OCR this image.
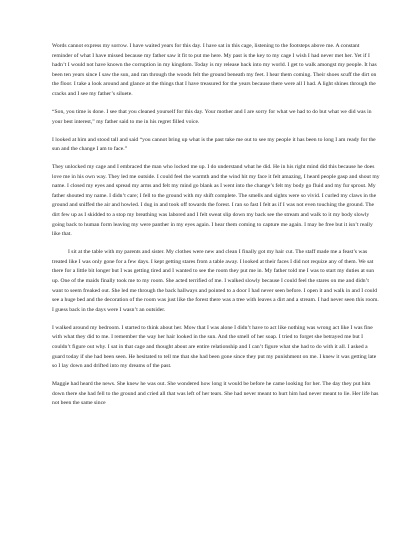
Words cannot express my sorrow. I have waited years for this day. I have sat in this cage, listening to the footsteps above me. A constant reminder of what I have missed because my father saw it fit to put me here. My past is the key to my cage I wish I had never met her. Yet if I hadn’t I would not have known the corruption in my kingdom. Today is my release back into my world. I get to walk amongst my people. It has been ten years since I saw the sun, and ran through the woods felt the ground beneath my feet. I hear them coming. Their shoes scuff the dirt on the floor. I take a look around and glance at the things that I have treasured for the years because there were all I had. A light shines through the cracks and I see my father’s siluete.

“Son, you time is done. I see that you cleaned yourself for this day. Your mother and I are sorry for what we had to do but what we did was in your best interest,” my father said to me in his regret filled voice.

I looked at him and stood tall and said “you cannot bring up what is the past take me out to see my people it has been to long I am ready for the sun and the change I am to face.”

They unlocked my cage and I embraced the man who locked me up. I do understand what he did. He in his right mind did this because he does love me in his own way. They led me outside. I could feel the warmth and the wind hit my face it felt amazing, I heard people gasp and shout my name. I closed my eyes and spread my arms and felt my mind go blank as I went into the change’s felt my body go fluid and my fur sprout. My father shouted my name. I didn’t care; I fell to the ground with my shift complete. The smells and sights were so vivid. I curled my claws in the ground and sniffed the air and howled. I dug in and took off towards the forest. I ran so fast I felt as if I was not even touching the ground. The dirt few up as I skidded to a stop my breathing was labored and I felt sweat slip down my back see the stream and walk to it my body slowly going back to human form leaving my were panther in my eyes again. I hear them coming to capture me again. I may be free but it isn’t really like that.

I sit at the table with my parents and sister. My clothes were new and clean I finally got my hair cut. The staff made me a feast’s was treated like I was only gone for a few days. I kept getting stares from a table away. I looked at their faces I did not requize any of them. We sat there for a little bit longer but I was getting tired and I wanted to see the room they put me in. My father told me I was to start my duties at sun up. One of the maids finally took me to my room. She acted terrified of me. I walked slowly because I could feel the stares on me and didn’t want to seem freaked out. She led me through the back hallways and pointed to a door I had never seen before. I open it and walk in and I could see a huge bed and the decoration of the room was just like the forest there was a tree with leaves a dirt and a stream. I had never seen this room. I guess back in the days were I wasn’t an outsider.

I walked around my bedroom. I started to think about her. Mow that I was alone I didn’t have to act like nothing was wrong act like I was fine with what they did to me. I remember the way her hair looked in the sun. And the smell of her soap. I tried to forget she betrayed me but I couldn’t figure out why. I sat in that cage and thought about are entire relationship and I can’t figure what she had to do with it all. I asked a guard today if she had been seen. He hesitated to tell me that she had been gone since they put my punishment on me. I knew it was getting late so I lay down and drifted into my dreams of the past.

Maggie had heard the news. She knew he was out. She wondered how long it would be before he came looking for her. The day they put him down there she had fell to the ground and cried all that was left of her tears. She had never meant to hurt him had never meant to lie. Her life has not been the same since
